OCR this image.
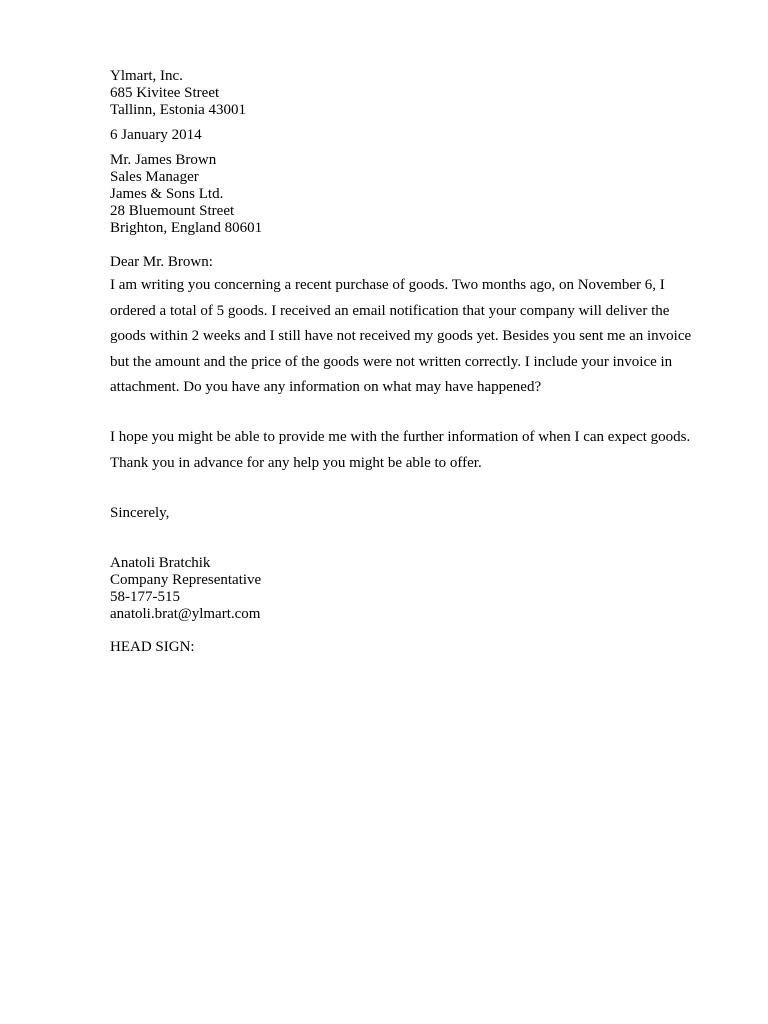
Ylmart, Inc.
685 Kivitee Street
Tallinn, Estonia 43001
6 January 2014
Mr. James Brown
Sales Manager
James & Sons Ltd.
28 Bluemount Street
Brighton, England 80601
Dear Mr. Brown:
I am writing you concerning a recent purchase of goods. Two months ago, on November 6, I
ordered a total of 5 goods. I received an email notification that your company will deliver the
goods within 2 weeks and I still have not received my goods yet. Besides you sent me an invoice
but the amount and the price of the goods were not written correctly. I include your invoice in
attachment. Do you have any information on what may have happened?
I hope you might be able to provide me with the further information of when I can expect goods.
Thank you in advance for any help you might be able to offer.
Sincerely,
Anatoli Bratchik
Company Representative
58-177-515
anatoli.brat@ylmart.com
HEAD SIGN:
